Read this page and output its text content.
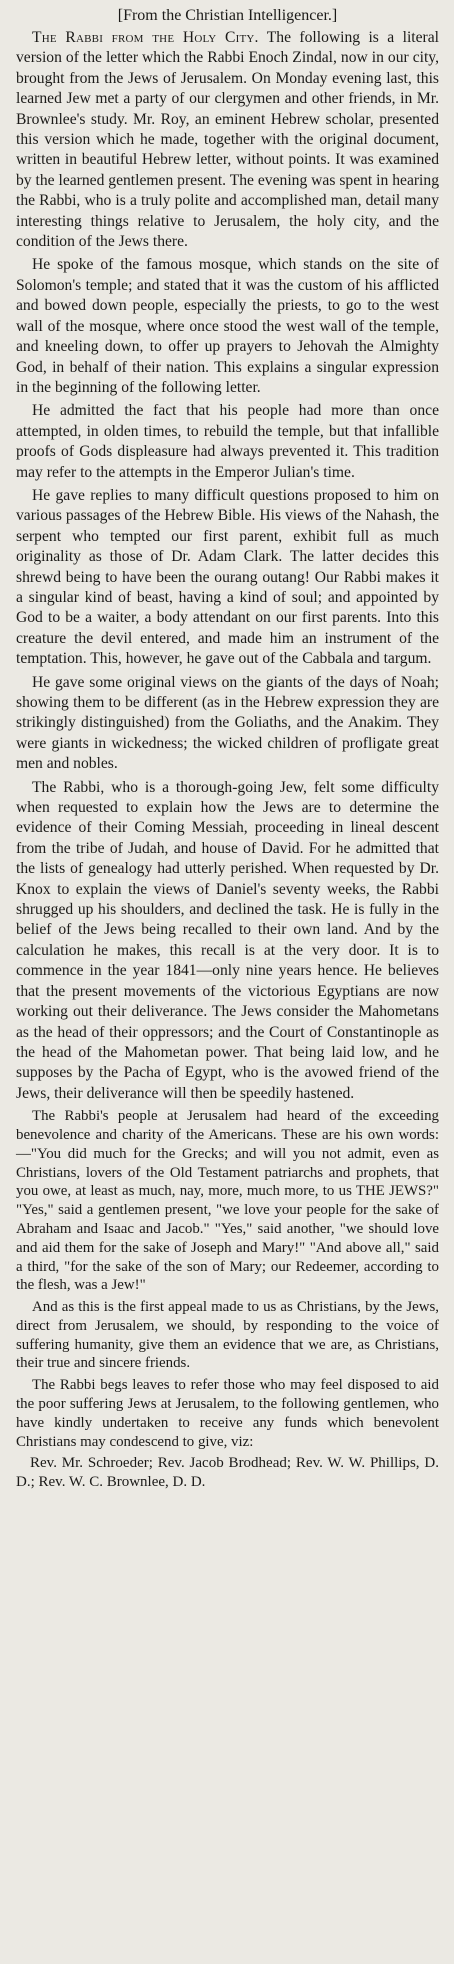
[From the Christian Intelligencer.]

The Rabbi from the Holy City. The following is a literal version of the letter which the Rabbi Enoch Zindal, now in our city, brought from the Jews of Jerusalem. On Monday evening last, this learned Jew met a party of our clergymen and other friends, in Mr. Brownlee's study. Mr. Roy, an eminent Hebrew scholar, presented this version which he made, together with the original document, written in beautiful Hebrew letter, without points. It was examined by the learned gentlemen present. The evening was spent in hearing the Rabbi, who is a truly polite and accomplished man, detail many interesting things relative to Jerusalem, the holy city, and the condition of the Jews there.

He spoke of the famous mosque, which stands on the site of Solomon's temple; and stated that it was the custom of his afflicted and bowed down people, especially the priests, to go to the west wall of the mosque, where once stood the west wall of the temple, and kneeling down, to offer up prayers to Jehovah the Almighty God, in behalf of their nation. This explains a singular expression in the beginning of the following letter.

He admitted the fact that his people had more than once attempted, in olden times, to rebuild the temple, but that infallible proofs of Gods displeasure had always prevented it. This tradition may refer to the attempts in the Emperor Julian's time.

He gave replies to many difficult questions proposed to him on various passages of the Hebrew Bible. His views of the Nahash, the serpent who tempted our first parent, exhibit full as much originality as those of Dr. Adam Clark. The latter decides this shrewd being to have been the ourang outang! Our Rabbi makes it a singular kind of beast, having a kind of soul; and appointed by God to be a waiter, a body attendant on our first parents. Into this creature the devil entered, and made him an instrument of the temptation. This, however, he gave out of the Cabbala and targum.

He gave some original views on the giants of the days of Noah; showing them to be different (as in the Hebrew expression they are strikingly distinguished) from the Goliaths, and the Anakim. They were giants in wickedness; the wicked children of profligate great men and nobles.

The Rabbi, who is a thorough-going Jew, felt some difficulty when requested to explain how the Jews are to determine the evidence of their Coming Messiah, proceeding in lineal descent from the tribe of Judah, and house of David. For he admitted that the lists of genealogy had utterly perished. When requested by Dr. Knox to explain the views of Daniel's seventy weeks, the Rabbi shrugged up his shoulders, and declined the task. He is fully in the belief of the Jews being recalled to their own land. And by the calculation he makes, this recall is at the very door. It is to commence in the year 1841—only nine years hence. He believes that the present movements of the victorious Egyptians are now working out their deliverance. The Jews consider the Mahometans as the head of their oppressors; and the Court of Constantinople as the head of the Mahometan power. That being laid low, and he supposes by the Pacha of Egypt, who is the avowed friend of the Jews, their deliverance will then be speedily hastened.

The Rabbi's people at Jerusalem had heard of the exceeding benevolence and charity of the Americans. These are his own words:—"You did much for the Grecks; and will you not admit, even as Christians, lovers of the Old Testament patriarchs and prophets, that you owe, at least as much, nay, more, much more, to us THE JEWS?" "Yes," said a gentlemen present, "we love your people for the sake of Abraham and Isaac and Jacob." "Yes," said another, "we should love and aid them for the sake of Joseph and Mary!" "And above all," said a third, "for the sake of the son of Mary; our Redeemer, according to the flesh, was a Jew!"

And as this is the first appeal made to us as Christians, by the Jews, direct from Jerusalem, we should, by responding to the voice of suffering humanity, give them an evidence that we are, as Christians, their true and sincere friends.

The Rabbi begs leaves to refer those who may feel disposed to aid the poor suffering Jews at Jerusalem, to the following gentlemen, who have kindly undertaken to receive any funds which benevolent Christians may condescend to give, viz:

Rev. Mr. Schroeder; Rev. Jacob Brodhead; Rev. W. W. Phillips, D. D.; Rev. W. C. Brownlee, D. D.
